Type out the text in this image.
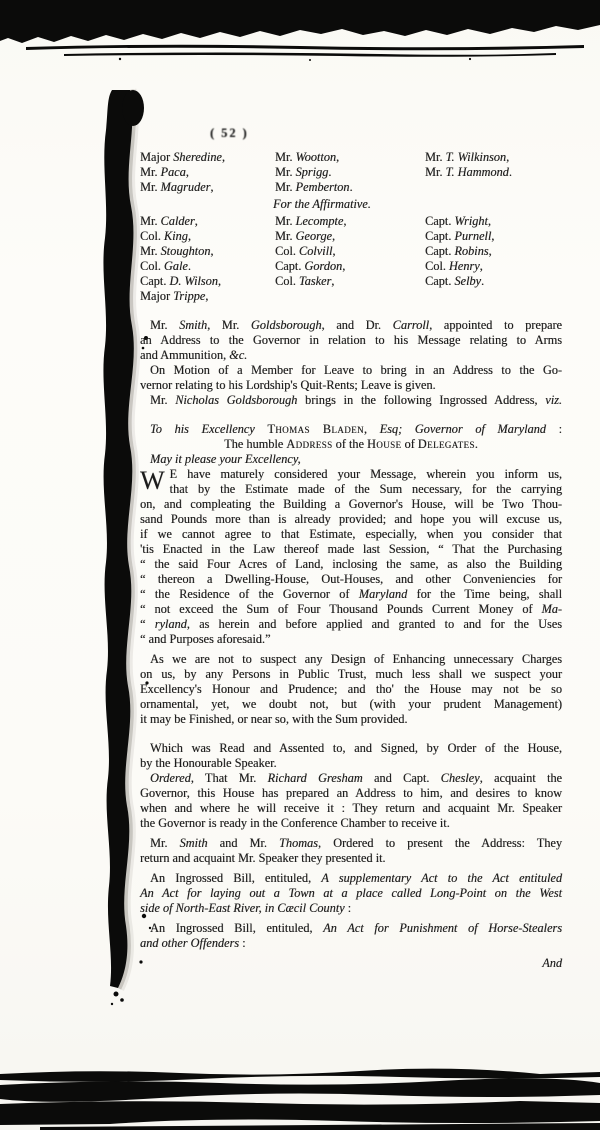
( 52 )
Major Sheredine,	Mr. Wootton,	Mr. T. Wilkinson,
Mr. Paca,	Mr. Sprigg.	Mr. T. Hammond.
Mr. Magruder,	Mr. Pemberton.
For the Affirmative.
Mr. Calder,	Mr. Lecompte,	Capt. Wright,
Col. King,	Mr. George,	Capt. Purnell,
Mr. Stoughton,	Col. Colvill,	Capt. Robins,
Col. Gale.	Capt. Gordon,	Col. Henry,
Capt. D. Wilson,	Col. Tasker,	Capt. Selby.
Major Trippe,
Mr. Smith, Mr. Goldsborough, and Dr. Carroll, appointed to prepare
an Address to the Governor in relation to his Message relating to Arms
and Ammunition, &c.
On Motion of a Member for Leave to bring in an Address to the Go-
vernor relating to his Lordship's Quit-Rents; Leave is given.
Mr. Nicholas Goldsborough brings in the following Ingrossed Address, viz.
To his Excellency Thomas Bladen, Esq; Governor of Maryland :
The humble Address of the House of Delegates.
May it please your Excellency,
W E have maturely considered your Message, wherein you inform us,
that by the Estimate made of the Sum necessary, for the carrying
on, and compleating the Building a Governor's House, will be Two Thou-
sand Pounds more than is already provided; and hope you will excuse us,
if we cannot agree to that Estimate, especially, when you consider that
'tis Enacted in the Law thereof made last Session, “ That the Purchasing
“ the said Four Acres of Land, inclosing the same, as also the Building
“ thereon a Dwelling-House, Out-Houses, and other Conveniencies for
“ the Residence of the Governor of Maryland for the Time being, shall
“ not exceed the Sum of Four Thousand Pounds Current Money of Ma-
“ ryland, as herein and before applied and granted to and for the Uses
“ and Purposes aforesaid.”
As we are not to suspect any Design of Enhancing unnecessary Charges
on us, by any Persons in Public Trust, much less shall we suspect your
Excellency's Honour and Prudence; and tho' the House may not be so
ornamental, yet, we doubt not, but (with your prudent Management)
it may be Finished, or near so, with the Sum provided.
Which was Read and Assented to, and Signed, by Order of the House,
by the Honourable Speaker.
Ordered, That Mr. Richard Gresham and Capt. Chesley, acquaint the
Governor, this House has prepared an Address to him, and desires to know
when and where he will receive it : They return and acquaint Mr. Speaker
the Governor is ready in the Conference Chamber to receive it.
Mr. Smith and Mr. Thomas, Ordered to present the Address: They
return and acquaint Mr. Speaker they presented it.
An Ingrossed Bill, entituled, A supplementary Act to the Act entituled
An Act for laying out a Town at a place called Long-Point on the West
side of North-East River, in Cæcil County :
An Ingrossed Bill, entituled, An Act for Punishment of Horse-Stealers
and other Offenders :
And
